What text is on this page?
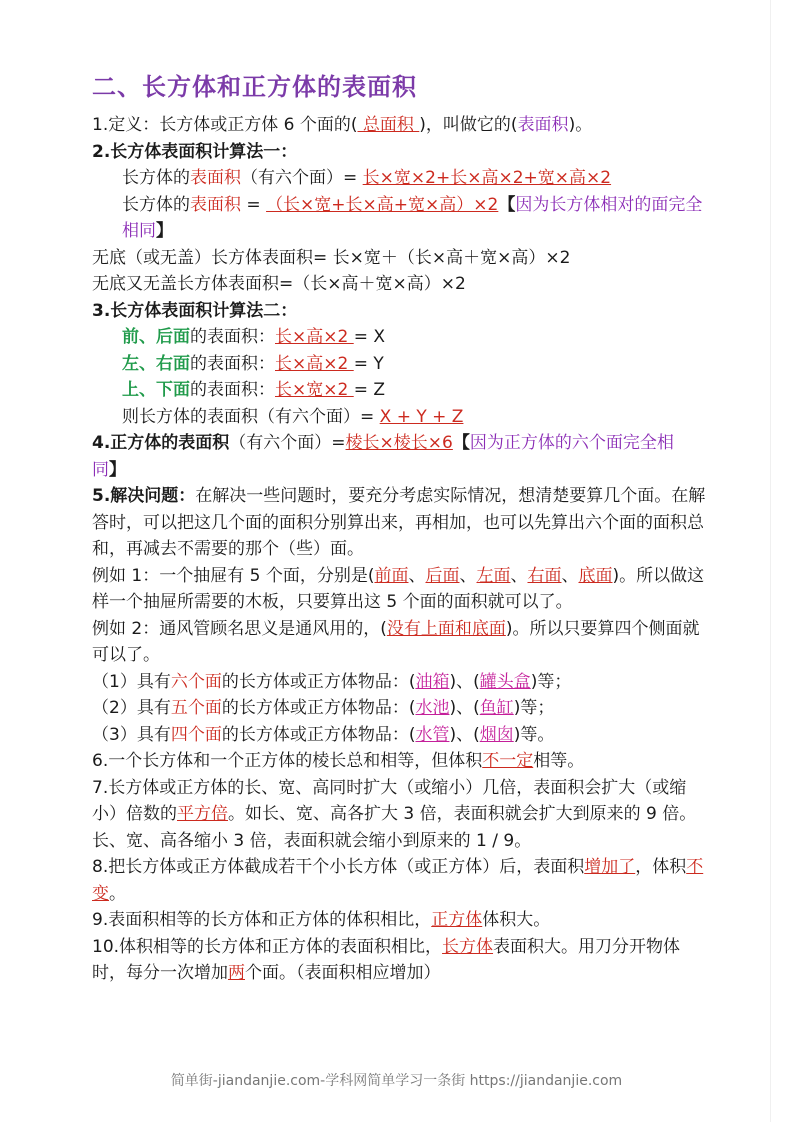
二、长方体和正方体的表面积
1.定义：长方体或正方体 6 个面的( 总面积 )，叫做它的(表面积)。
2.长方体表面积计算法一：
长方体的表面积（有六个面）= 长×宽×2+长×高×2+宽×高×2
长方体的表面积 = （长×宽+长×高+宽×高）×2【因为长方体相对的面完全相同】
无底（或无盖）长方体表面积= 长×宽＋（长×高＋宽×高）×2
无底又无盖长方体表面积=（长×高＋宽×高）×2
3.长方体表面积计算法二：
前、后面的表面积：长×高×2 = X
左、右面的表面积：长×高×2 = Y
上、下面的表面积：长×宽×2 = Z
则长方体的表面积（有六个面）= X + Y + Z
4.正方体的表面积（有六个面）=棱长×棱长×6【因为正方体的六个面完全相同】
5.解决问题：在解决一些问题时，要充分考虑实际情况，想清楚要算几个面。在解答时，可以把这几个面的面积分别算出来，再相加，也可以先算出六个面的面积总和，再减去不需要的那个（些）面。
例如 1：一个抽屉有 5 个面，分别是(前面、后面、左面、右面、底面)。所以做这样一个抽屉所需要的木板，只要算出这 5 个面的面积就可以了。
例如 2：通风管顾名思义是通风用的，(没有上面和底面)。所以只要算四个侧面就可以了。
（1）具有六个面的长方体或正方体物品：(油箱)、(罐头盒)等；
（2）具有五个面的长方体或正方体物品：(水池)、(鱼缸)等；
（3）具有四个面的长方体或正方体物品：(水管)、(烟囱)等。
6.一个长方体和一个正方体的棱长总和相等，但体积不一定相等。
7.长方体或正方体的长、宽、高同时扩大（或缩小）几倍，表面积会扩大（或缩小）倍数的平方倍。如长、宽、高各扩大 3 倍，表面积就会扩大到原来的 9 倍。长、宽、高各缩小 3 倍，表面积就会缩小到原来的 1 / 9。
8.把长方体或正方体截成若干个小长方体（或正方体）后，表面积增加了，体积不变。
9.表面积相等的长方体和正方体的体积相比，正方体体积大。
10.体积相等的长方体和正方体的表面积相比，长方体表面积大。用刀分开物体时，每分一次增加两个面。（表面积相应增加）
简单街-jiandanjie.com-学科网简单学习一条街 https://jiandanjie.com
